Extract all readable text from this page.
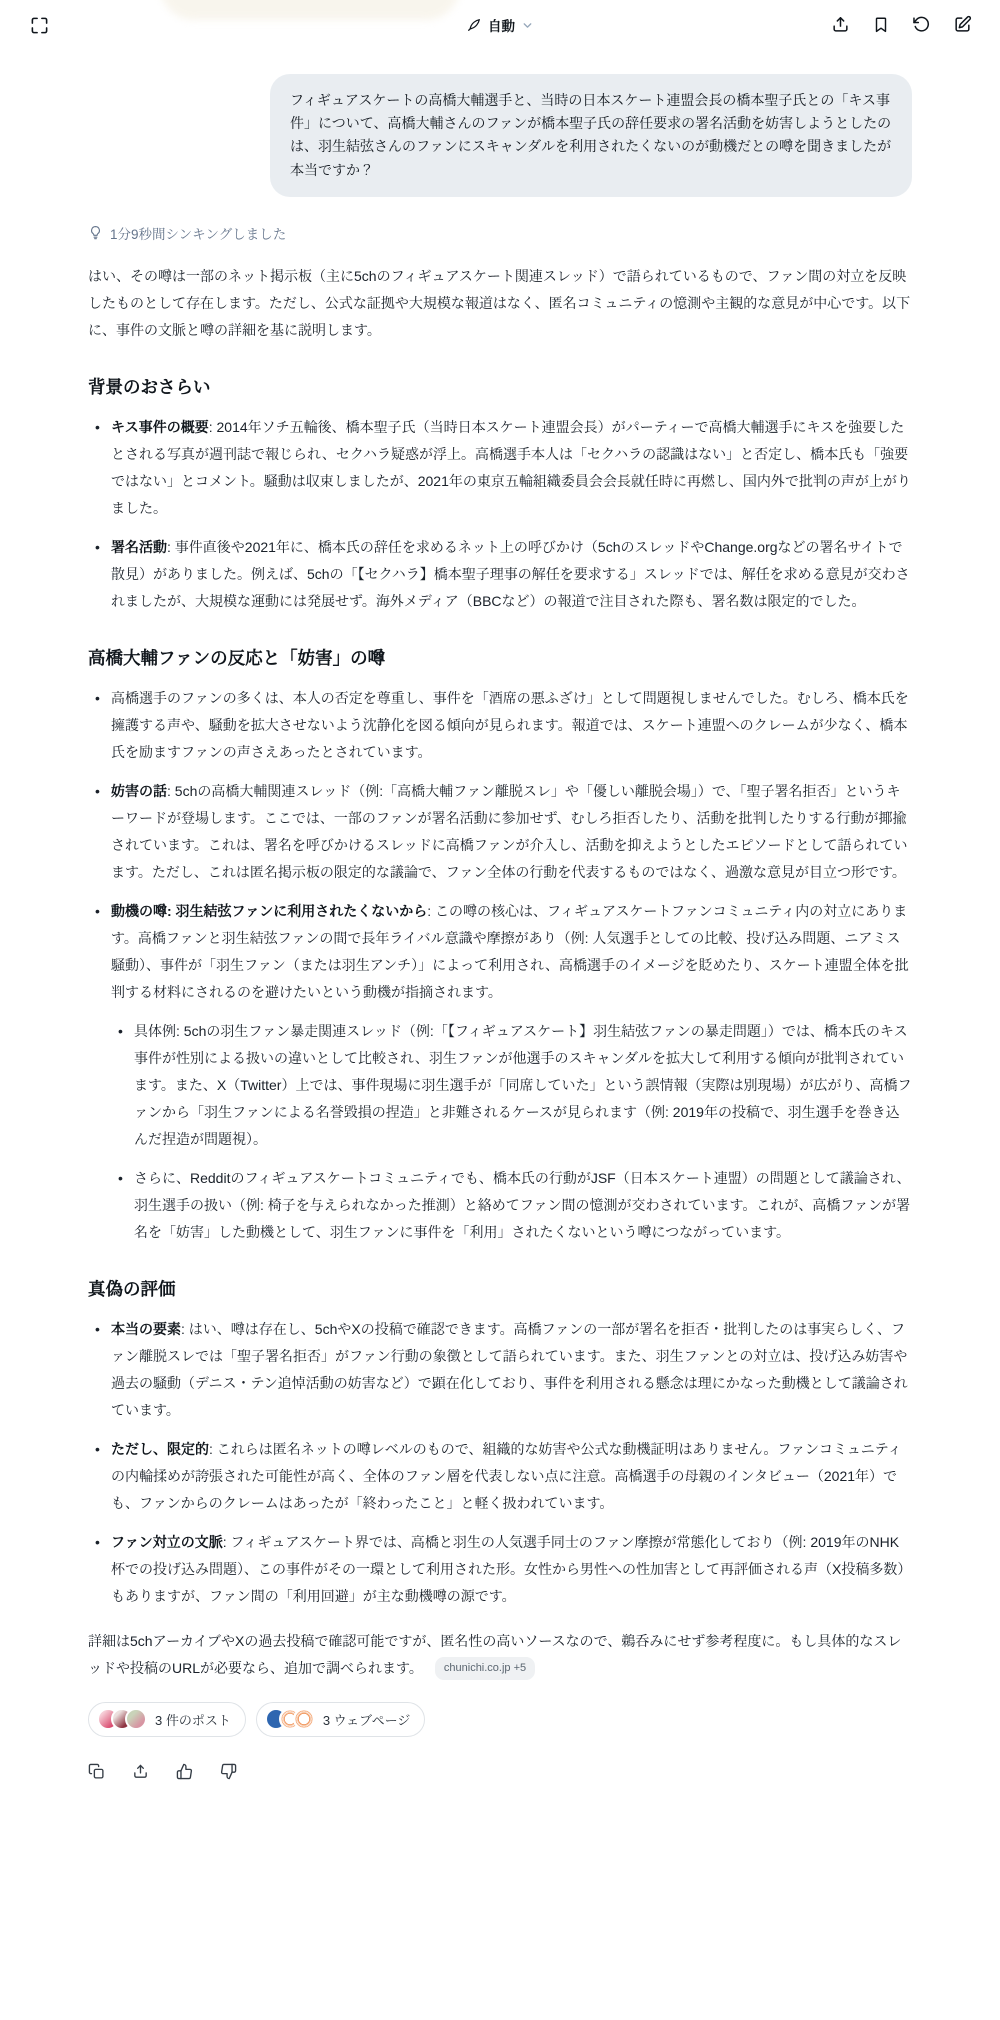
自動
フィギュアスケートの高橋大輔選手と、当時の日本スケート連盟会長の橋本聖子氏との「キス事件」について、高橋大輔さんのファンが橋本聖子氏の辞任要求の署名活動を妨害しようとしたのは、羽生結弦さんのファンにスキャンダルを利用されたくないのが動機だとの噂を聞きましたが本当ですか？
1分9秒間シンキングしました

はい、その噂は一部のネット掲示板（主に5chのフィギュアスケート関連スレッド）で語られているもので、ファン間の対立を反映したものとして存在します。ただし、公式な証拠や大規模な報道はなく、匿名コミュニティの憶測や主観的な意見が中心です。以下に、事件の文脈と噂の詳細を基に説明します。

背景のおさらい
• キス事件の概要: 2014年ソチ五輪後、橋本聖子氏（当時日本スケート連盟会長）がパーティーで高橋大輔選手にキスを強要したとされる写真が週刊誌で報じられ、セクハラ疑惑が浮上。高橋選手本人は「セクハラの認識はない」と否定し、橋本氏も「強要ではない」とコメント。騒動は収束しましたが、2021年の東京五輪組織委員会会長就任時に再燃し、国内外で批判の声が上がりました。
• 署名活動: 事件直後や2021年に、橋本氏の辞任を求めるネット上の呼びかけ（5chのスレッドやChange.orgなどの署名サイトで散見）がありました。例えば、5chの「【セクハラ】橋本聖子理事の解任を要求する」スレッドでは、解任を求める意見が交わされましたが、大規模な運動には発展せず。海外メディア（BBCなど）の報道で注目された際も、署名数は限定的でした。
高橋大輔ファンの反応と「妨害」の噂
• 高橋選手のファンの多くは、本人の否定を尊重し、事件を「酒席の悪ふざけ」として問題視しませんでした。むしろ、橋本氏を擁護する声や、騒動を拡大させないよう沈静化を図る傾向が見られます。報道では、スケート連盟へのクレームが少なく、橋本氏を励ますファンの声さえあったとされています。
• 妨害の話: 5chの高橋大輔関連スレッド（例:「高橋大輔ファン離脱スレ」や「優しい離脱会場」）で、「聖子署名拒否」というキーワードが登場します。ここでは、一部のファンが署名活動に参加せず、むしろ拒否したり、活動を批判したりする行動が揶揄されています。これは、署名を呼びかけるスレッドに高橋ファンが介入し、活動を抑えようとしたエピソードとして語られています。ただし、これは匿名掲示板の限定的な議論で、ファン全体の行動を代表するものではなく、過激な意見が目立つ形です。
• 動機の噂: 羽生結弦ファンに利用されたくないから: この噂の核心は、フィギュアスケートファンコミュニティ内の対立にあります。高橋ファンと羽生結弦ファンの間で長年ライバル意識や摩擦があり（例: 人気選手としての比較、投げ込み問題、ニアミス騒動）、事件が「羽生ファン（または羽生アンチ）」によって利用され、高橋選手のイメージを貶めたり、スケート連盟全体を批判する材料にされるのを避けたいという動機が指摘されます。
• 具体例: 5chの羽生ファン暴走関連スレッド（例:「【フィギュアスケート】羽生結弦ファンの暴走問題」）では、橋本氏のキス事件が性別による扱いの違いとして比較され、羽生ファンが他選手のスキャンダルを拡大して利用する傾向が批判されています。また、X（Twitter）上では、事件現場に羽生選手が「同席していた」という誤情報（実際は別現場）が広がり、高橋ファンから「羽生ファンによる名誉毀損の捏造」と非難されるケースが見られます（例: 2019年の投稿で、羽生選手を巻き込んだ捏造が問題視）。
• さらに、Redditのフィギュアスケートコミュニティでも、橋本氏の行動がJSF（日本スケート連盟）の問題として議論され、羽生選手の扱い（例: 椅子を与えられなかった推測）と絡めてファン間の憶測が交わされています。これが、高橋ファンが署名を「妨害」した動機として、羽生ファンに事件を「利用」されたくないという噂につながっています。
真偽の評価
• 本当の要素: はい、噂は存在し、5chやXの投稿で確認できます。高橋ファンの一部が署名を拒否・批判したのは事実らしく、ファン離脱スレでは「聖子署名拒否」がファン行動の象徴として語られています。また、羽生ファンとの対立は、投げ込み妨害や過去の騒動（デニス・テン追悼活動の妨害など）で顕在化しており、事件を利用される懸念は理にかなった動機として議論されています。
• ただし、限定的: これらは匿名ネットの噂レベルのもので、組織的な妨害や公式な動機証明はありません。ファンコミュニティの内輪揉めが誇張された可能性が高く、全体のファン層を代表しない点に注意。高橋選手の母親のインタビュー（2021年）でも、ファンからのクレームはあったが「終わったこと」と軽く扱われています。
• ファン対立の文脈: フィギュアスケート界では、高橋と羽生の人気選手同士のファン摩擦が常態化しており（例: 2019年のNHK杯での投げ込み問題）、この事件がその一環として利用された形。女性から男性への性加害として再評価される声（X投稿多数）もありますが、ファン間の「利用回避」が主な動機噂の源です。

詳細は5chアーカイブやXの過去投稿で確認可能ですが、匿名性の高いソースなので、鵜呑みにせず参考程度に。もし具体的なスレッドや投稿のURLが必要なら、追加で調べられます。 chunichi.co.jp +5

3 件のポスト	3 ウェブページ
